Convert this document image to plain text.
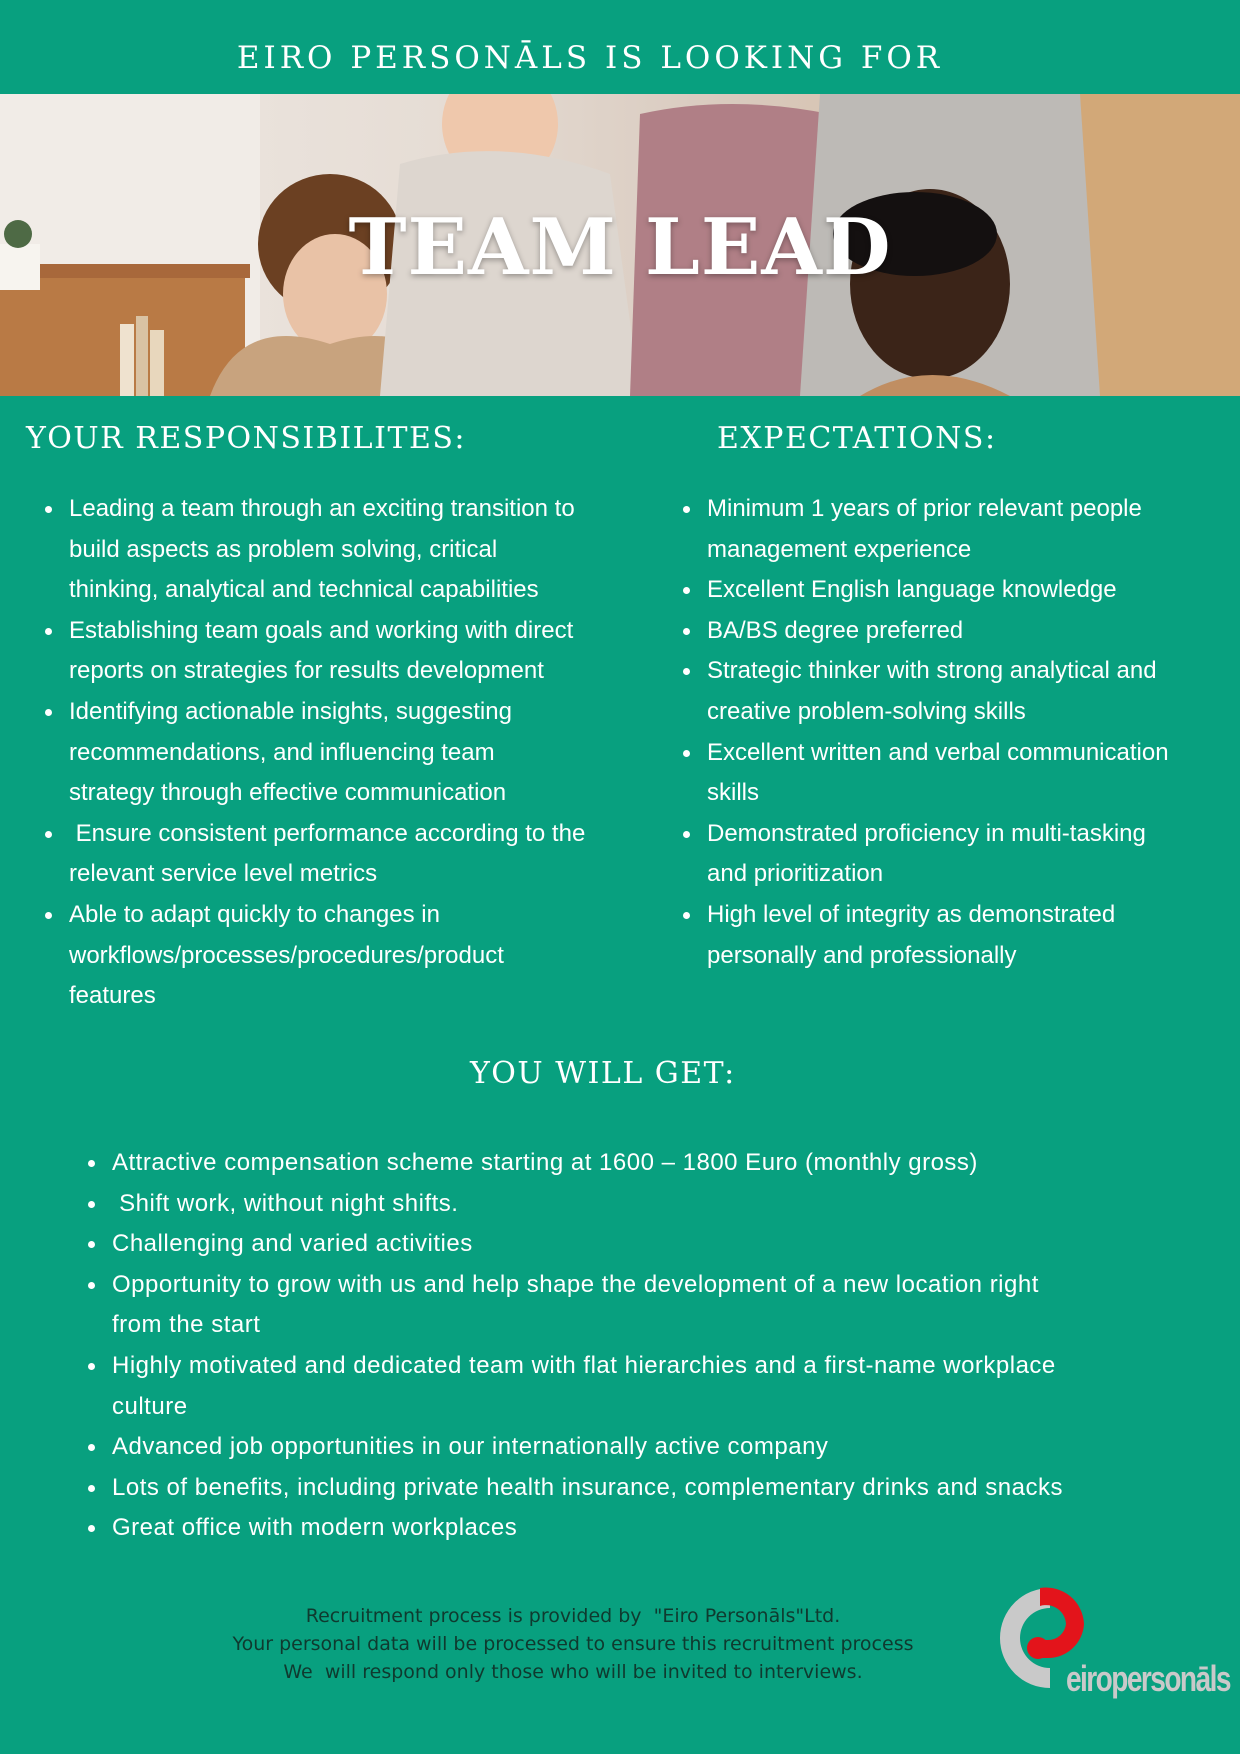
EIRO PERSONĀLS IS LOOKING FOR
TEAM LEAD
YOUR RESPONSIBILITES:	EXPECTATIONS:
Leading a team through an exciting transition to
build aspects as problem solving, critical
thinking, analytical and technical capabilities
Establishing team goals and working with direct
reports on strategies for results development
Identifying actionable insights, suggesting
recommendations, and influencing team
strategy through effective communication
Ensure consistent performance according to the
relevant service level metrics
Able to adapt quickly to changes in
workflows/processes/procedures/product
features
Minimum 1 years of prior relevant people
management experience
Excellent English language knowledge
BA/BS degree preferred
Strategic thinker with strong analytical and
creative problem-solving skills
Excellent written and verbal communication
skills
Demonstrated proficiency in multi-tasking
and prioritization
High level of integrity as demonstrated
personally and professionally
YOU WILL GET:
Attractive compensation scheme starting at 1600 – 1800 Euro (monthly gross)
Shift work, without night shifts.
Challenging and varied activities
Opportunity to grow with us and help shape the development of a new location right
from the start
Highly motivated and dedicated team with flat hierarchies and a first-name workplace
culture
Advanced job opportunities in our internationally active company
Lots of benefits, including private health insurance, complementary drinks and snacks
Great office with modern workplaces
Recruitment process is provided by  "Eiro Personāls"Ltd.
Your personal data will be processed to ensure this recruitment process
We  will respond only those who will be invited to interviews.	eiropersonāls
